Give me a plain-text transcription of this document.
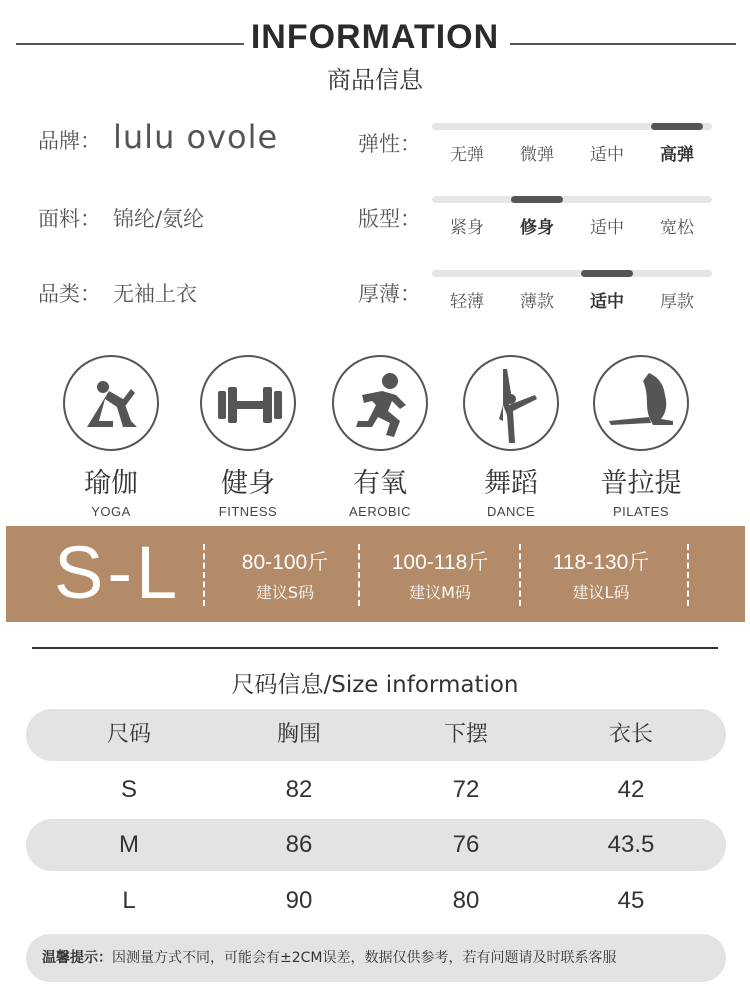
INFORMATION
商品信息
品牌： lulu ovole
面料： 锦纶/氨纶
品类： 无袖上衣
弹性：	无弹	微弹	适中	高弹
版型：	紧身	修身	适中	宽松
厚薄：	轻薄	薄款	适中	厚款
瑜伽
YOGA
健身
FITNESS
有氧
AEROBIC
舞蹈
DANCE
普拉提
PILATES
S-L	80-100斤
建议S码
100-118斤
建议M码
118-130斤
建议L码
尺码信息/Size information
尺码	胸围	下摆	衣长
S	82	72	42
M	86	76	43.5
L	90	80	45
温馨提示：因测量方式不同，可能会有±2CM误差，数据仅供参考，若有问题请及时联系客服
